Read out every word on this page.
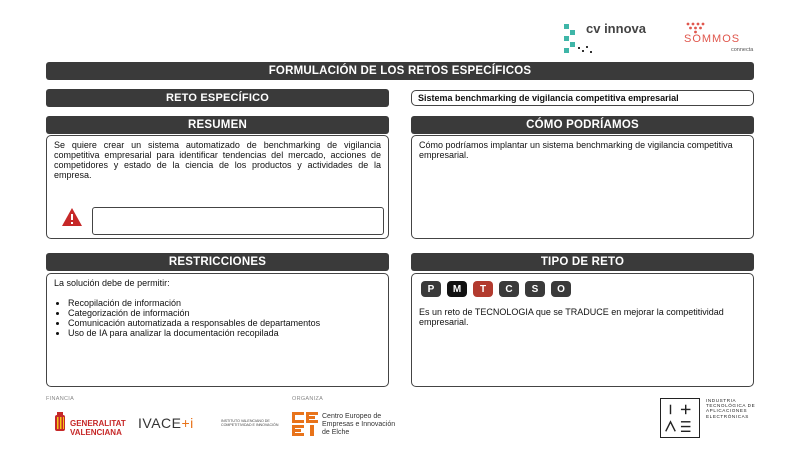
cv innova
SOMMOS
connecta
FORMULACIÓN DE LOS RETOS ESPECÍFICOS
RETO ESPECÍFICO	Sistema benchmarking de vigilancia competitiva empresarial
RESUMEN
Se quiere crear un sistema automatizado de benchmarking de vigilancia competitiva empresarial para identificar tendencias del mercado, acciones de competidores y estado de la ciencia de los productos y actividades de la empresa.
CÓMO PODRÍAMOS
Cómo podríamos implantar un sistema benchmarking de vigilancia competitiva empresarial.
RESTRICCIONES
La solución debe de permitir:
• Recopilación de información
• Categorización de información
• Comunicación automatizada a responsables de departamentos
• Uso de IA para analizar la documentación recopilada
TIPO DE RETO
Es un reto de TECNOLOGIA que se TRADUCE en mejorar la competitividad empresarial.
P	M	T	C	S	O
FINANCIA	ORGANIZA
GENERALITAT
VALENCIANA
IVACE+i	INSTITUTO VALENCIANO DE COMPETITIVIDAD E INNOVACIÓN
Centro Europeo de
Empresas e Innovación
de Elche
INDUSTRIA
TECNOLÓGICA DE
APLICACIONES
ELECTRÓNICAS
